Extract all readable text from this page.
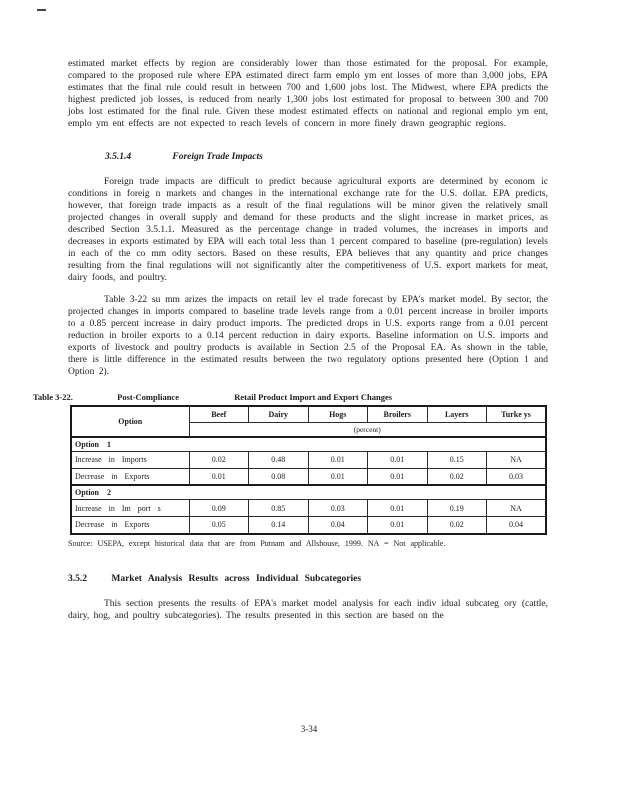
estimated market effects by region are considerably lower than those estimated for the proposal. For example, compared to the proposed rule where EPA estimated direct farm emplo ym ent losses of more than 3,000 jobs, EPA estimates that the final rule could result in between 700 and 1,600 jobs lost. The Midwest, where EPA predicts the highest predicted job losses, is reduced from nearly 1,300 jobs lost estimated for proposal to between 300 and 700 jobs lost estimated for the final rule. Given these modest estimated effects on national and regional emplo ym ent, emplo ym ent effects are not expected to reach levels of concern in more finely drawn geographic regions.

3.5.1.4	Foreign Trade Impacts

Foreign trade impacts are difficult to predict because agricultural exports are determined by econom ic conditions in foreig n markets and changes in the international exchange rate for the U.S. dollar. EPA predicts, however, that foreign trade impacts as a result of the final regulations will be minor given the relatively small projected changes in overall supply and demand for these products and the slight increase in market prices, as described Section 3.5.1.1. Measured as the percentage change in traded volumes, the increases in imports and decreases in exports estimated by EPA will each total less than 1 percent compared to baseline (pre-regulation) levels in each of the co mm odity sectors. Based on these results, EPA believes that any quantity and price changes resulting from the final regulations will not significantly alter the competitiveness of U.S. export markets for meat, dairy foods, and poultry.

Table 3-22 su mm arizes the impacts on retail lev el trade forecast by EPA's market model. By sector, the projected changes in imports compared to baseline trade levels range from a 0.01 percent increase in broiler imports to a 0.85 percent increase in dairy product imports. The predicted drops in U.S. exports range from a 0.01 percent reduction in broiler exports to a 0.14 percent reduction in dairy exports. Baseline information on U.S. imports and exports of livestock and poultry products is available in Section 2.5 of the Proposal EA. As shown in the table, there is little difference in the estimated results between the two regulatory options presented here (Option 1 and Option 2).

Table 3-22.	Post-Compliance	Retail Product Import and Export Changes
Option	Beef	Dairy	Hogs	Broilers	Layers	Turke ys
	(percent)					
Option 1						
Increase in Imports	0.02	0.48	0.01	0.01	0.15	NA
Decrease in Exports	0.01	0.08	0.01	0.01	0.02	0.03
Option 2						
Increase in Im port s	0.09	0.85	0.03	0.01	0.19	NA
Decrease in Exports	0.05	0.14	0.04	0.01	0.02	0.04

Source: USEPA, except historical data that are from Putnam and Allshouse, 1999. NA = Not applicable.

3.5.2	Market Analysis Results across Individual Subcategories

This section presents the results of EPA's market model analysis for each indiv idual subcateg ory (cattle, dairy, hog, and poultry subcategories). The results presented in this section are based on the

3-34
